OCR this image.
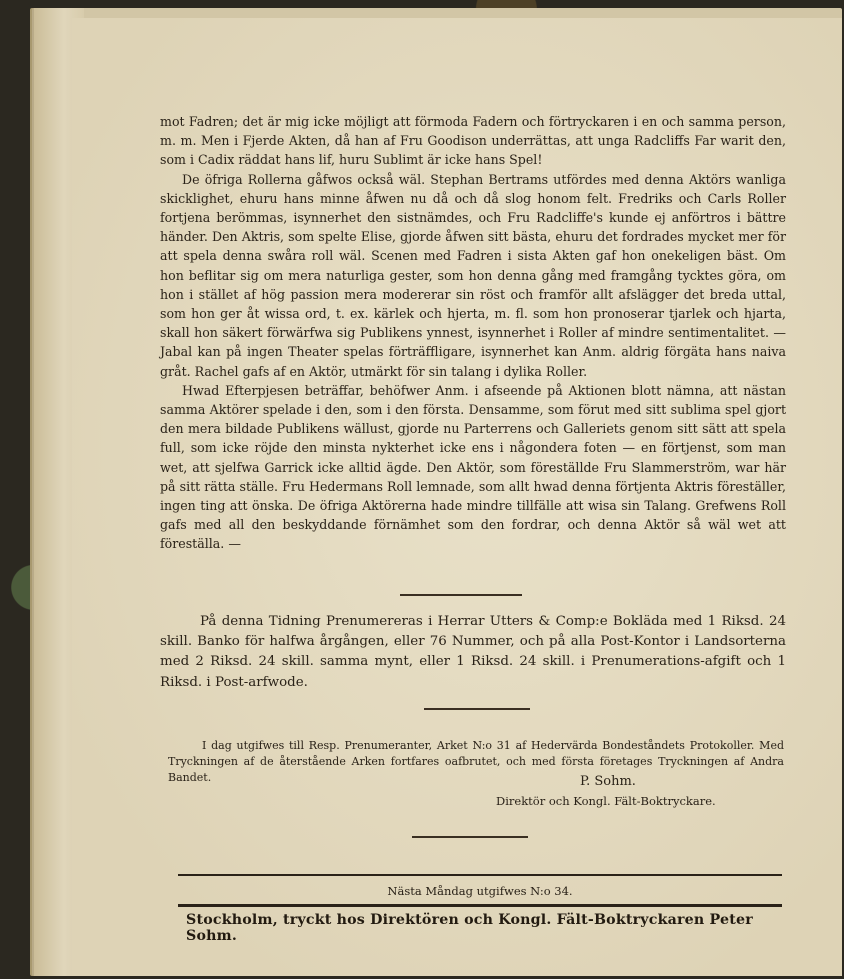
mot Fadren; det är mig icke möjligt att förmoda Fadern och förtryckaren i en och samma person, m. m. Men i Fjerde Akten, då han af Fru Goodison underrättas, att unga Radcliffs Far warit den, som i Cadix räddat hans lif, huru Sublimt är icke hans Spel!

De öfriga Rollerna gåfwos också wäl. Stephan Bertrams utfördes med denna Aktörs wanliga skicklighet, ehuru hans minne åfwen nu då och då slog honom felt. Fredriks och Carls Roller fortjena berömmas, isynnerhet den sistnämdes, och Fru Radcliffe's kunde ej anförtros i bättre händer. Den Aktris, som spelte Elise, gjorde åfwen sitt bästa, ehuru det fordrades mycket mer för att spela denna swåra roll wäl. Scenen med Fadren i sista Akten gaf hon onekeligen bäst. Om hon beflitar sig om mera naturliga gester, som hon denna gång med framgång tycktes göra, om hon i stället af hög passion mera modererar sin röst och framför allt afslägger det breda uttal, som hon ger åt wissa ord, t. ex. kärlek och hjerta, m. fl. som hon pronoserar tjarlek och hjarta, skall hon säkert förwärfwa sig Publikens ynnest, isynnerhet i Roller af mindre sentimentalitet. — Jabal kan på ingen Theater spelas förträffligare, isynnerhet kan Anm. aldrig förgäta hans naiva gråt. Rachel gafs af en Aktör, utmärkt för sin talang i dylika Roller.

Hwad Efterpjesen beträffar, behöfwer Anm. i afseende på Aktionen blott nämna, att nästan samma Aktörer spelade i den, som i den första. Densamme, som förut med sitt sublima spel gjort den mera bildade Publikens wällust, gjorde nu Parterrens och Galleriets genom sitt sätt att spela full, som icke röjde den minsta nykterhet icke ens i någondera foten — en förtjenst, som man wet, att sjelfwa Garrick icke alltid ägde. Den Aktör, som föreställde Fru Slammerström, war här på sitt rätta ställe. Fru Hedermans Roll lemnade, som allt hwad denna förtjenta Aktris föreställer, ingen ting att önska. De öfriga Aktörerna hade mindre tillfälle att wisa sin Talang. Grefwens Roll gafs med all den beskyddande förnämhet som den fordrar, och denna Aktör så wäl wet att föreställa. —

På denna Tidning Prenumereras i Herrar Utters & Comp:e Bokläda med 1 Riksd. 24 skill. Banko för halfwa årgången, eller 76 Nummer, och på alla Post-Kontor i Landsorterna med 2 Riksd. 24 skill. samma mynt, eller 1 Riksd. 24 skill. i Prenumerations-afgift och 1 Riksd. i Post-arfwode.
I dag utgifwes till Resp. Prenumeranter, Arket N:o 31 af Hedervärda Bondeståndets Protokoller. Med Tryckningen af de återstående Arken fortfares oafbrutet, och med första företages Tryckningen af Andra Bandet.	P. Sohm.
Direktör och Kongl. Fält-Boktryckare.
Nästa Måndag utgifwes N:o 34.
Stockholm, tryckt hos Direktören och Kongl. Fält-Boktryckaren Peter Sohm.
